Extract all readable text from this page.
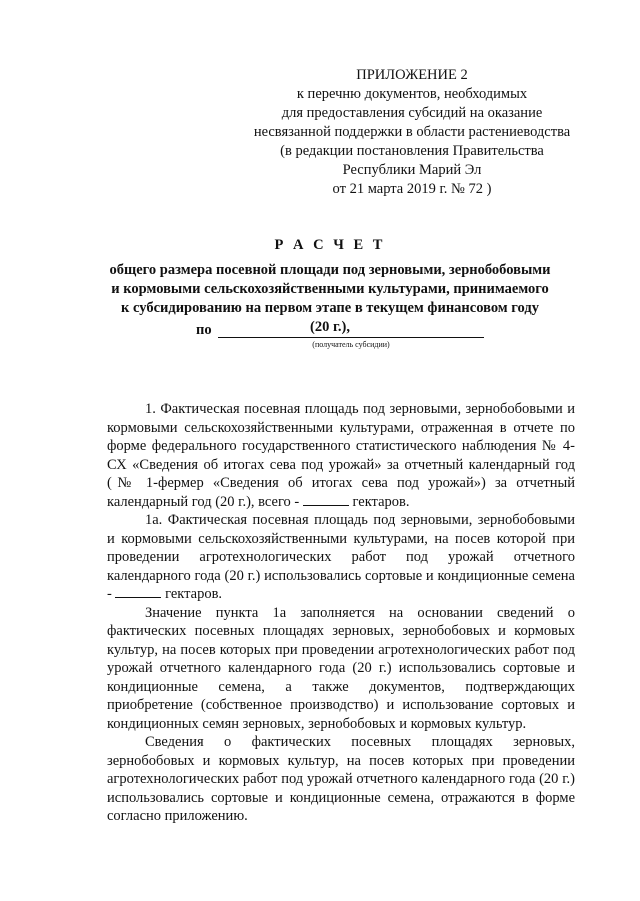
ПРИЛОЖЕНИЕ 2
к перечню документов, необходимых
для предоставления субсидий на оказание
несвязанной поддержки в области растениеводства
(в редакции постановления Правительства
Республики Марий Эл
от 21 марта 2019 г. № 72 )
Р А С Ч Е Т
общего размера посевной площади под зерновыми, зернобобовыми
и кормовыми сельскохозяйственными культурами, принимаемого
к субсидированию на первом этапе в текущем финансовом году
(20 г.),
по
(получатель субсидии)

1. Фактическая посевная площадь под зерновыми, зернобобовыми и кормовыми сельскохозяйственными культурами, отраженная в отчете по форме федерального государственного статистического наблюдения № 4-СХ «Сведения об итогах сева под урожай» за отчетный календарный год (№ 1-фермер «Сведения об итогах сева под урожай») за отчетный календарный год (20 г.), всего -	гектаров.

1а. Фактическая посевная площадь под зерновыми, зернобобовыми и кормовыми сельскохозяйственными культурами, на посев которой при проведении агротехнологических работ под урожай отчетного календарного года (20 г.) использовались сортовые и кондиционные семена -	гектаров.

Значение пункта 1а заполняется на основании сведений о фактических посевных площадях зерновых, зернобобовых и кормовых культур, на посев которых при проведении агротехнологических работ под урожай отчетного календарного года (20 г.) использовались сортовые и кондиционные семена, а также документов, подтверждающих приобретение (собственное производство) и использование сортовых и кондиционных семян зерновых, зернобобовых и кормовых культур.

Сведения о фактических посевных площадях зерновых, зернобобовых и кормовых культур, на посев которых при проведении агротехнологических работ под урожай отчетного календарного года (20 г.) использовались сортовые и кондиционные семена, отражаются в форме согласно приложению.
